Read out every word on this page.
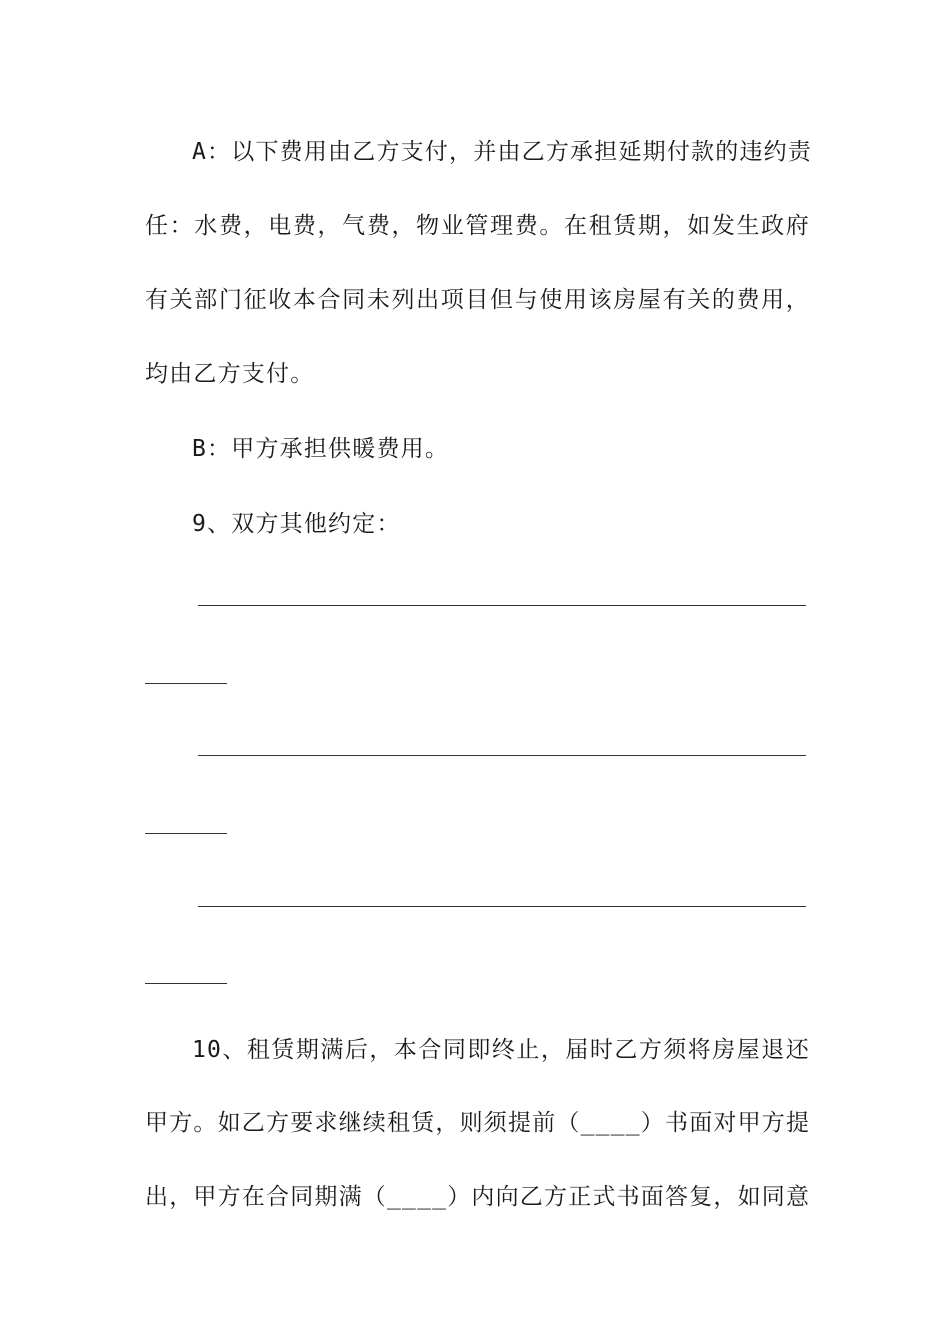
A：以下费用由乙方支付，并由乙方承担延期付款的违约责
任：水费，电费，气费，物业管理费。在租赁期，如发生政府
有关部门征收本合同未列出项目但与使用该房屋有关的费用，
均由乙方支付。
B：甲方承担供暖费用。
9、双方其他约定：
10、租赁期满后，本合同即终止，届时乙方须将房屋退还
甲方。如乙方要求继续租赁，则须提前（____）书面对甲方提
出，甲方在合同期满（____）内向乙方正式书面答复，如同意
